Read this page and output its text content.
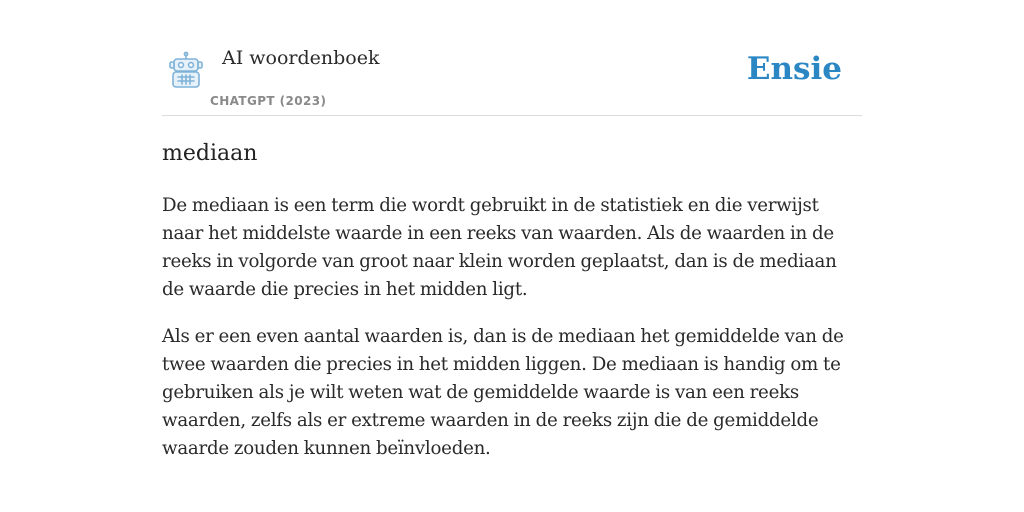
AI woordenboek
CHATGPT (2023)
Ensie
mediaan

De mediaan is een term die wordt gebruikt in de statistiek en die verwijst naar het middelste waarde in een reeks van waarden. Als de waarden in de reeks in volgorde van groot naar klein worden geplaatst, dan is de mediaan de waarde die precies in het midden ligt.

Als er een even aantal waarden is, dan is de mediaan het gemiddelde van de twee waarden die precies in het midden liggen. De mediaan is handig om te gebruiken als je wilt weten wat de gemiddelde waarde is van een reeks waarden, zelfs als er extreme waarden in de reeks zijn die de gemiddelde waarde zouden kunnen beïnvloeden.
